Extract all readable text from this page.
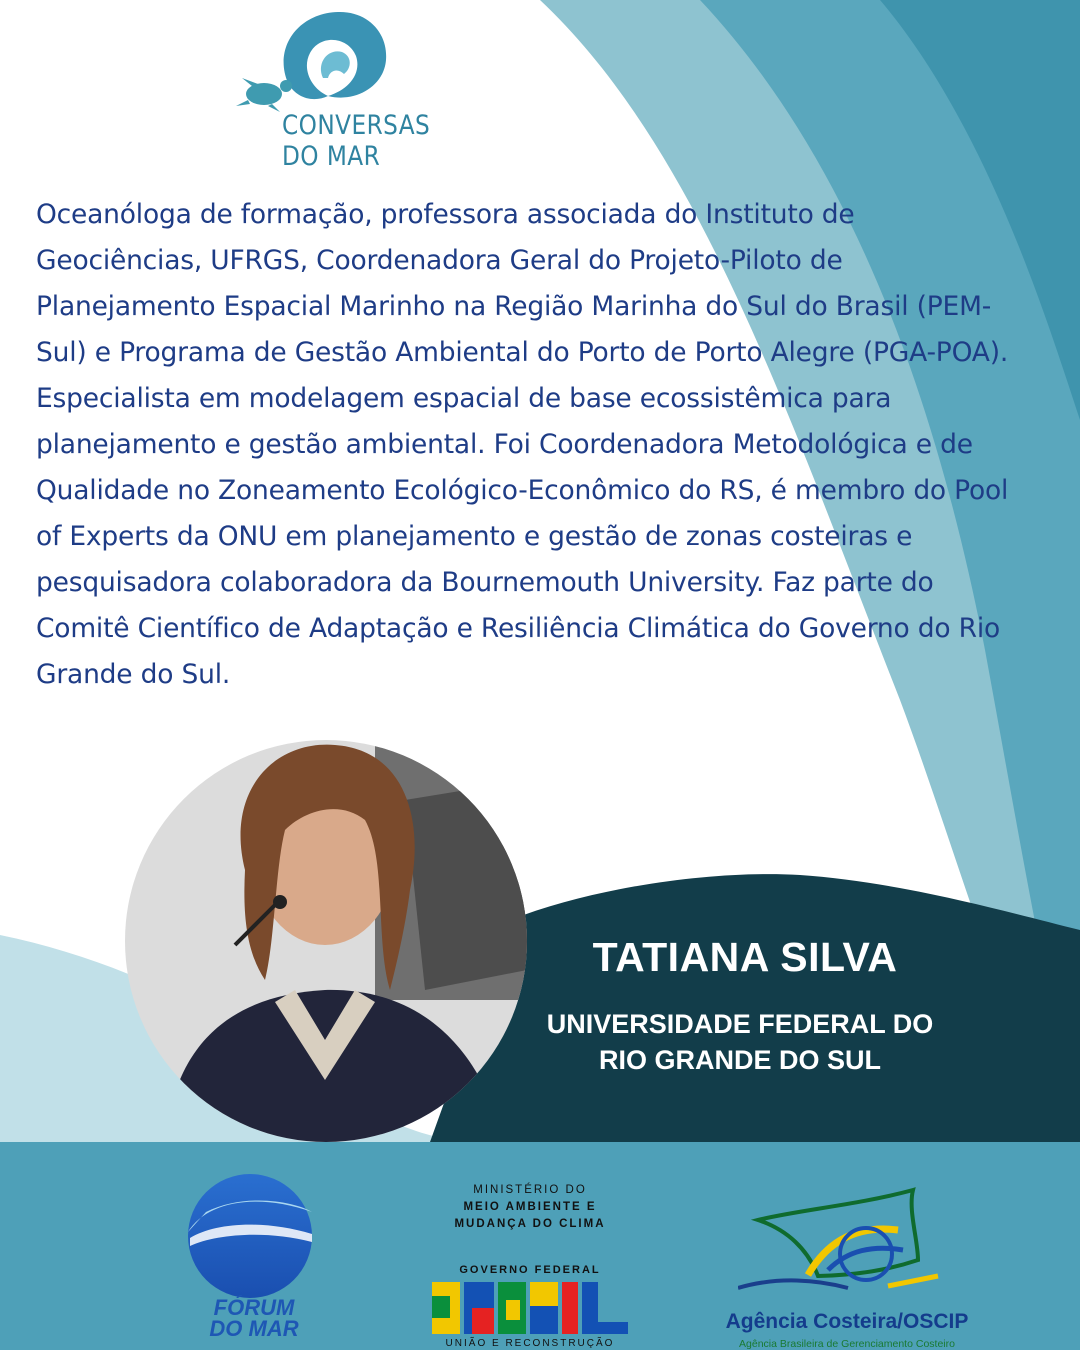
CONVERSAS
DO MAR

Oceanóloga de formação, professora associada do Instituto de Geociências, UFRGS, Coordenadora Geral do Projeto-Piloto de Planejamento Espacial Marinho na Região Marinha do Sul do Brasil (PEM-Sul) e Programa de Gestão Ambiental do Porto de Porto Alegre (PGA-POA). Especialista em modelagem espacial de base ecossistêmica para planejamento e gestão ambiental. Foi Coordenadora Metodológica e de Qualidade no Zoneamento Ecológico-Econômico do RS, é membro do Pool of Experts da ONU em planejamento e gestão de zonas costeiras e pesquisadora colaboradora da Bournemouth University. Faz parte do Comitê Científico de Adaptação e Resiliência Climática do Governo do Rio Grande do Sul.

TATIANA SILVA
UNIVERSIDADE FEDERAL DO
RIO GRANDE DO SUL
FÓRUM
DO MAR
MINISTÉRIO DO
MEIO AMBIENTE E
MUDANÇA DO CLIMA
GOVERNO FEDERAL
UNIÃO E RECONSTRUÇÃO
Agência Costeira/OSCIP
Agência Brasileira de Gerenciamento Costeiro
